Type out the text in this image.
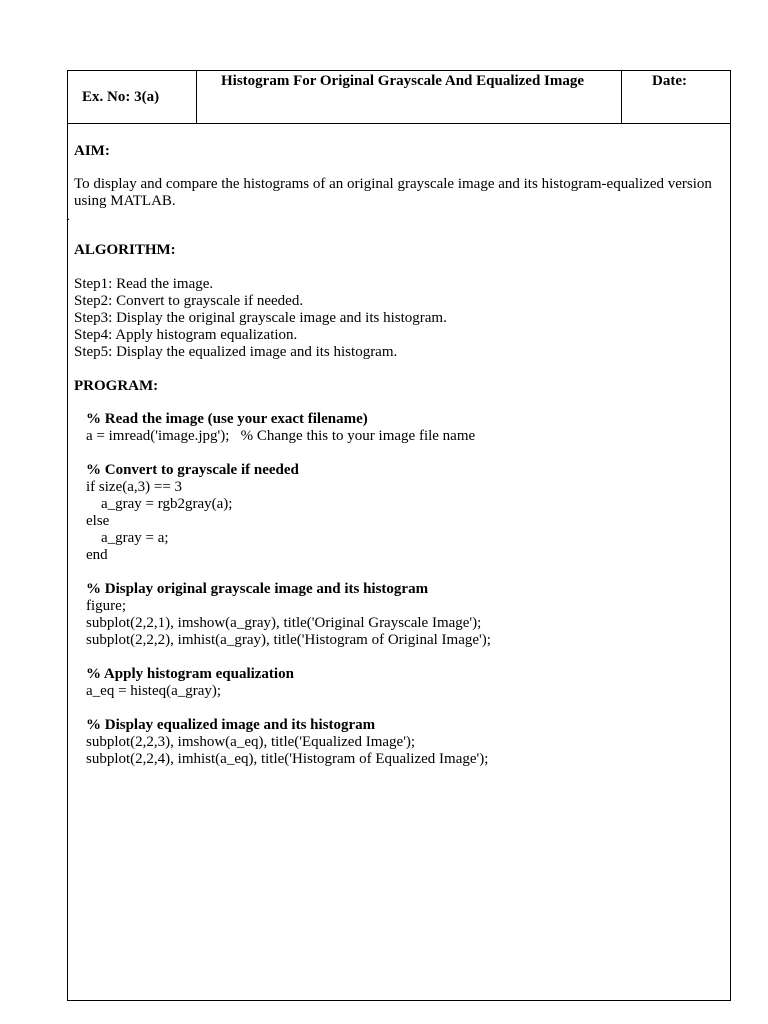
Ex. No: 3(a)
Histogram For Original Grayscale And Equalized Image	Date:
.

AIM:

To display and compare the histograms of an original grayscale image and its histogram-equalized version using MATLAB.

ALGORITHM:

Step1: Read the image.

Step2: Convert to grayscale if needed.

Step3: Display the original grayscale image and its histogram.

Step4: Apply histogram equalization.

Step5: Display the equalized image and its histogram.

PROGRAM:

% Read the image (use your exact filename)

a = imread('image.jpg');   % Change this to your image file name

% Convert to grayscale if needed

if size(a,3) == 3

a_gray = rgb2gray(a);

else

a_gray = a;

end

% Display original grayscale image and its histogram

figure;

subplot(2,2,1), imshow(a_gray), title('Original Grayscale Image');

subplot(2,2,2), imhist(a_gray), title('Histogram of Original Image');

% Apply histogram equalization

a_eq = histeq(a_gray);

% Display equalized image and its histogram

subplot(2,2,3), imshow(a_eq), title('Equalized Image');

subplot(2,2,4), imhist(a_eq), title('Histogram of Equalized Image');
